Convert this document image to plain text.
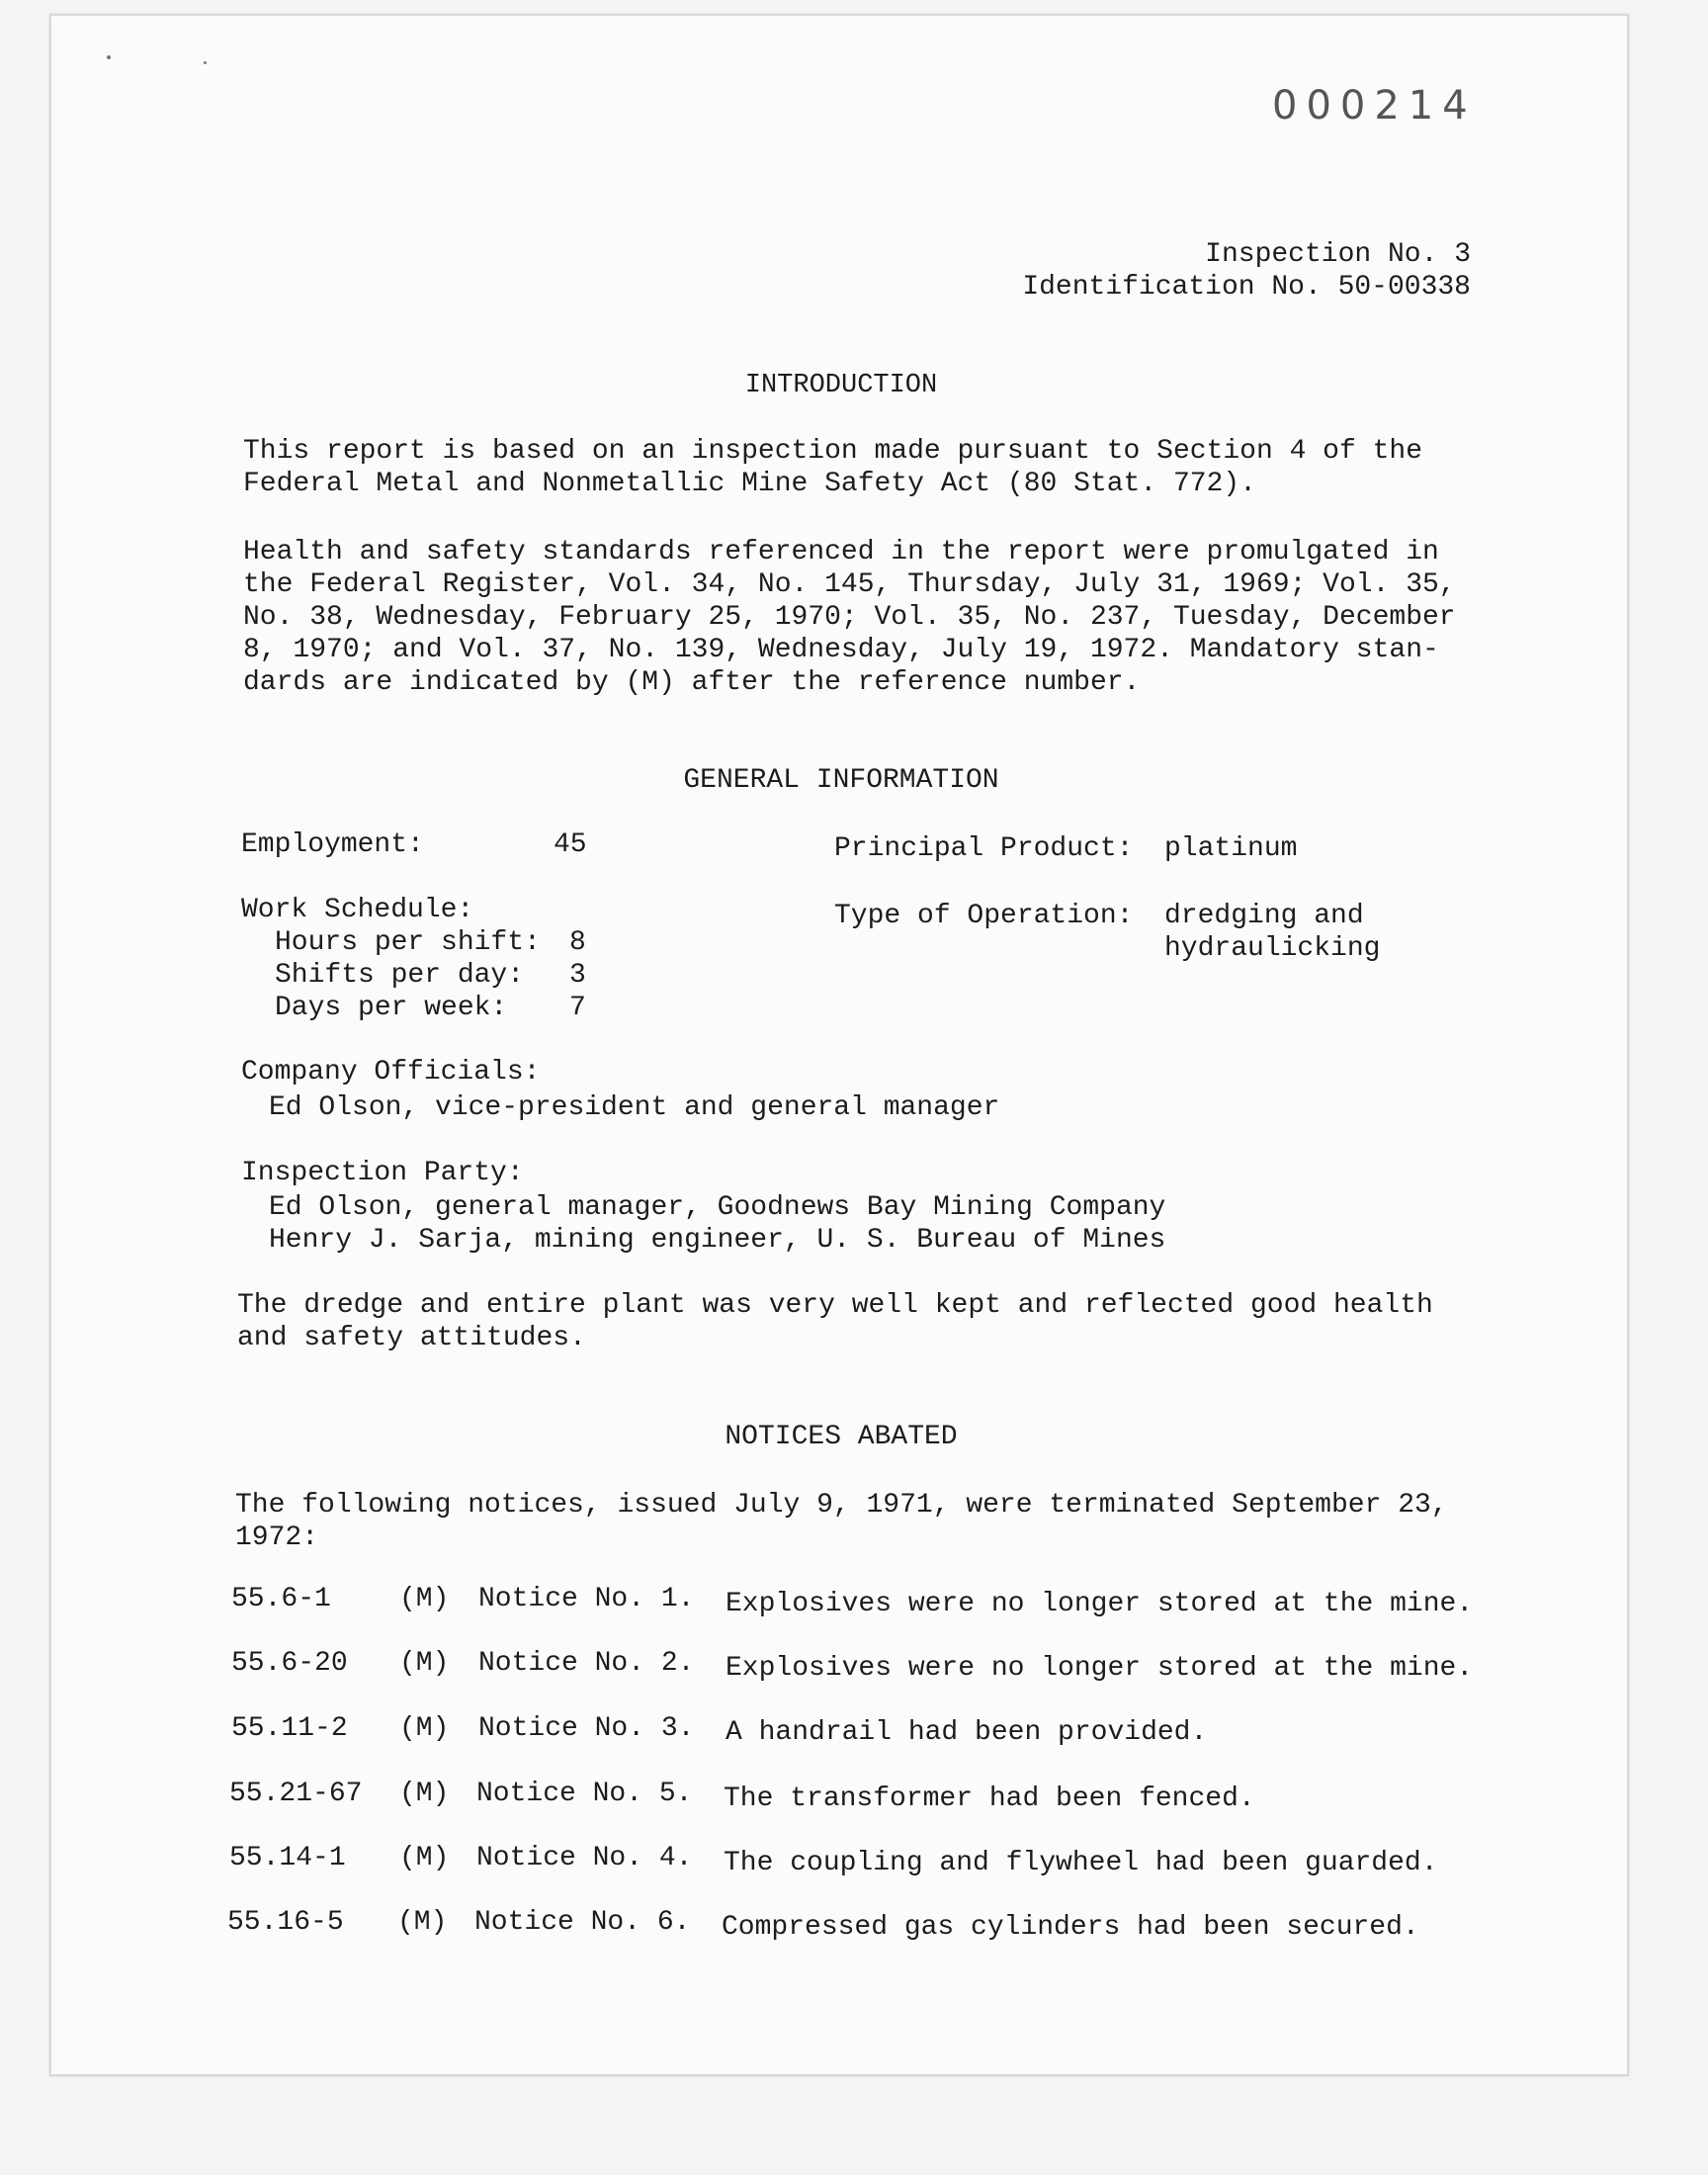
000214
Inspection No. 3
Identification No. 50-00338
INTRODUCTION
This report is based on an inspection made pursuant to Section 4 of the
Federal Metal and Nonmetallic Mine Safety Act (80 Stat. 772).
Health and safety standards referenced in the report were promulgated in
the Federal Register, Vol. 34, No. 145, Thursday, July 31, 1969; Vol. 35,
No. 38, Wednesday, February 25, 1970; Vol. 35, No. 237, Tuesday, December
8, 1970; and Vol. 37, No. 139, Wednesday, July 19, 1972. Mandatory stan-
dards are indicated by (M) after the reference number.
GENERAL INFORMATION
Employment:	45	Principal Product: platinum
Work Schedule:
Hours per shift: 8
Shifts per day: 3
Days per week: 7
Type of Operation: dredging and
hydraulicking
Company Officials:
Ed Olson, vice-president and general manager
Inspection Party:
Ed Olson, general manager, Goodnews Bay Mining Company
Henry J. Sarja, mining engineer, U. S. Bureau of Mines
The dredge and entire plant was very well kept and reflected good health
and safety attitudes.
NOTICES ABATED
The following notices, issued July 9, 1971, were terminated September 23,
1972:
55.6-1 (M) Notice No. 1. Explosives were no longer stored at the mine.
55.6-20 (M) Notice No. 2. Explosives were no longer stored at the mine.
55.11-2 (M) Notice No. 3. A handrail had been provided.
55.21-67 (M) Notice No. 5. The transformer had been fenced.
55.14-1 (M) Notice No. 4. The coupling and flywheel had been guarded.
55.16-5 (M) Notice No. 6. Compressed gas cylinders had been secured.
